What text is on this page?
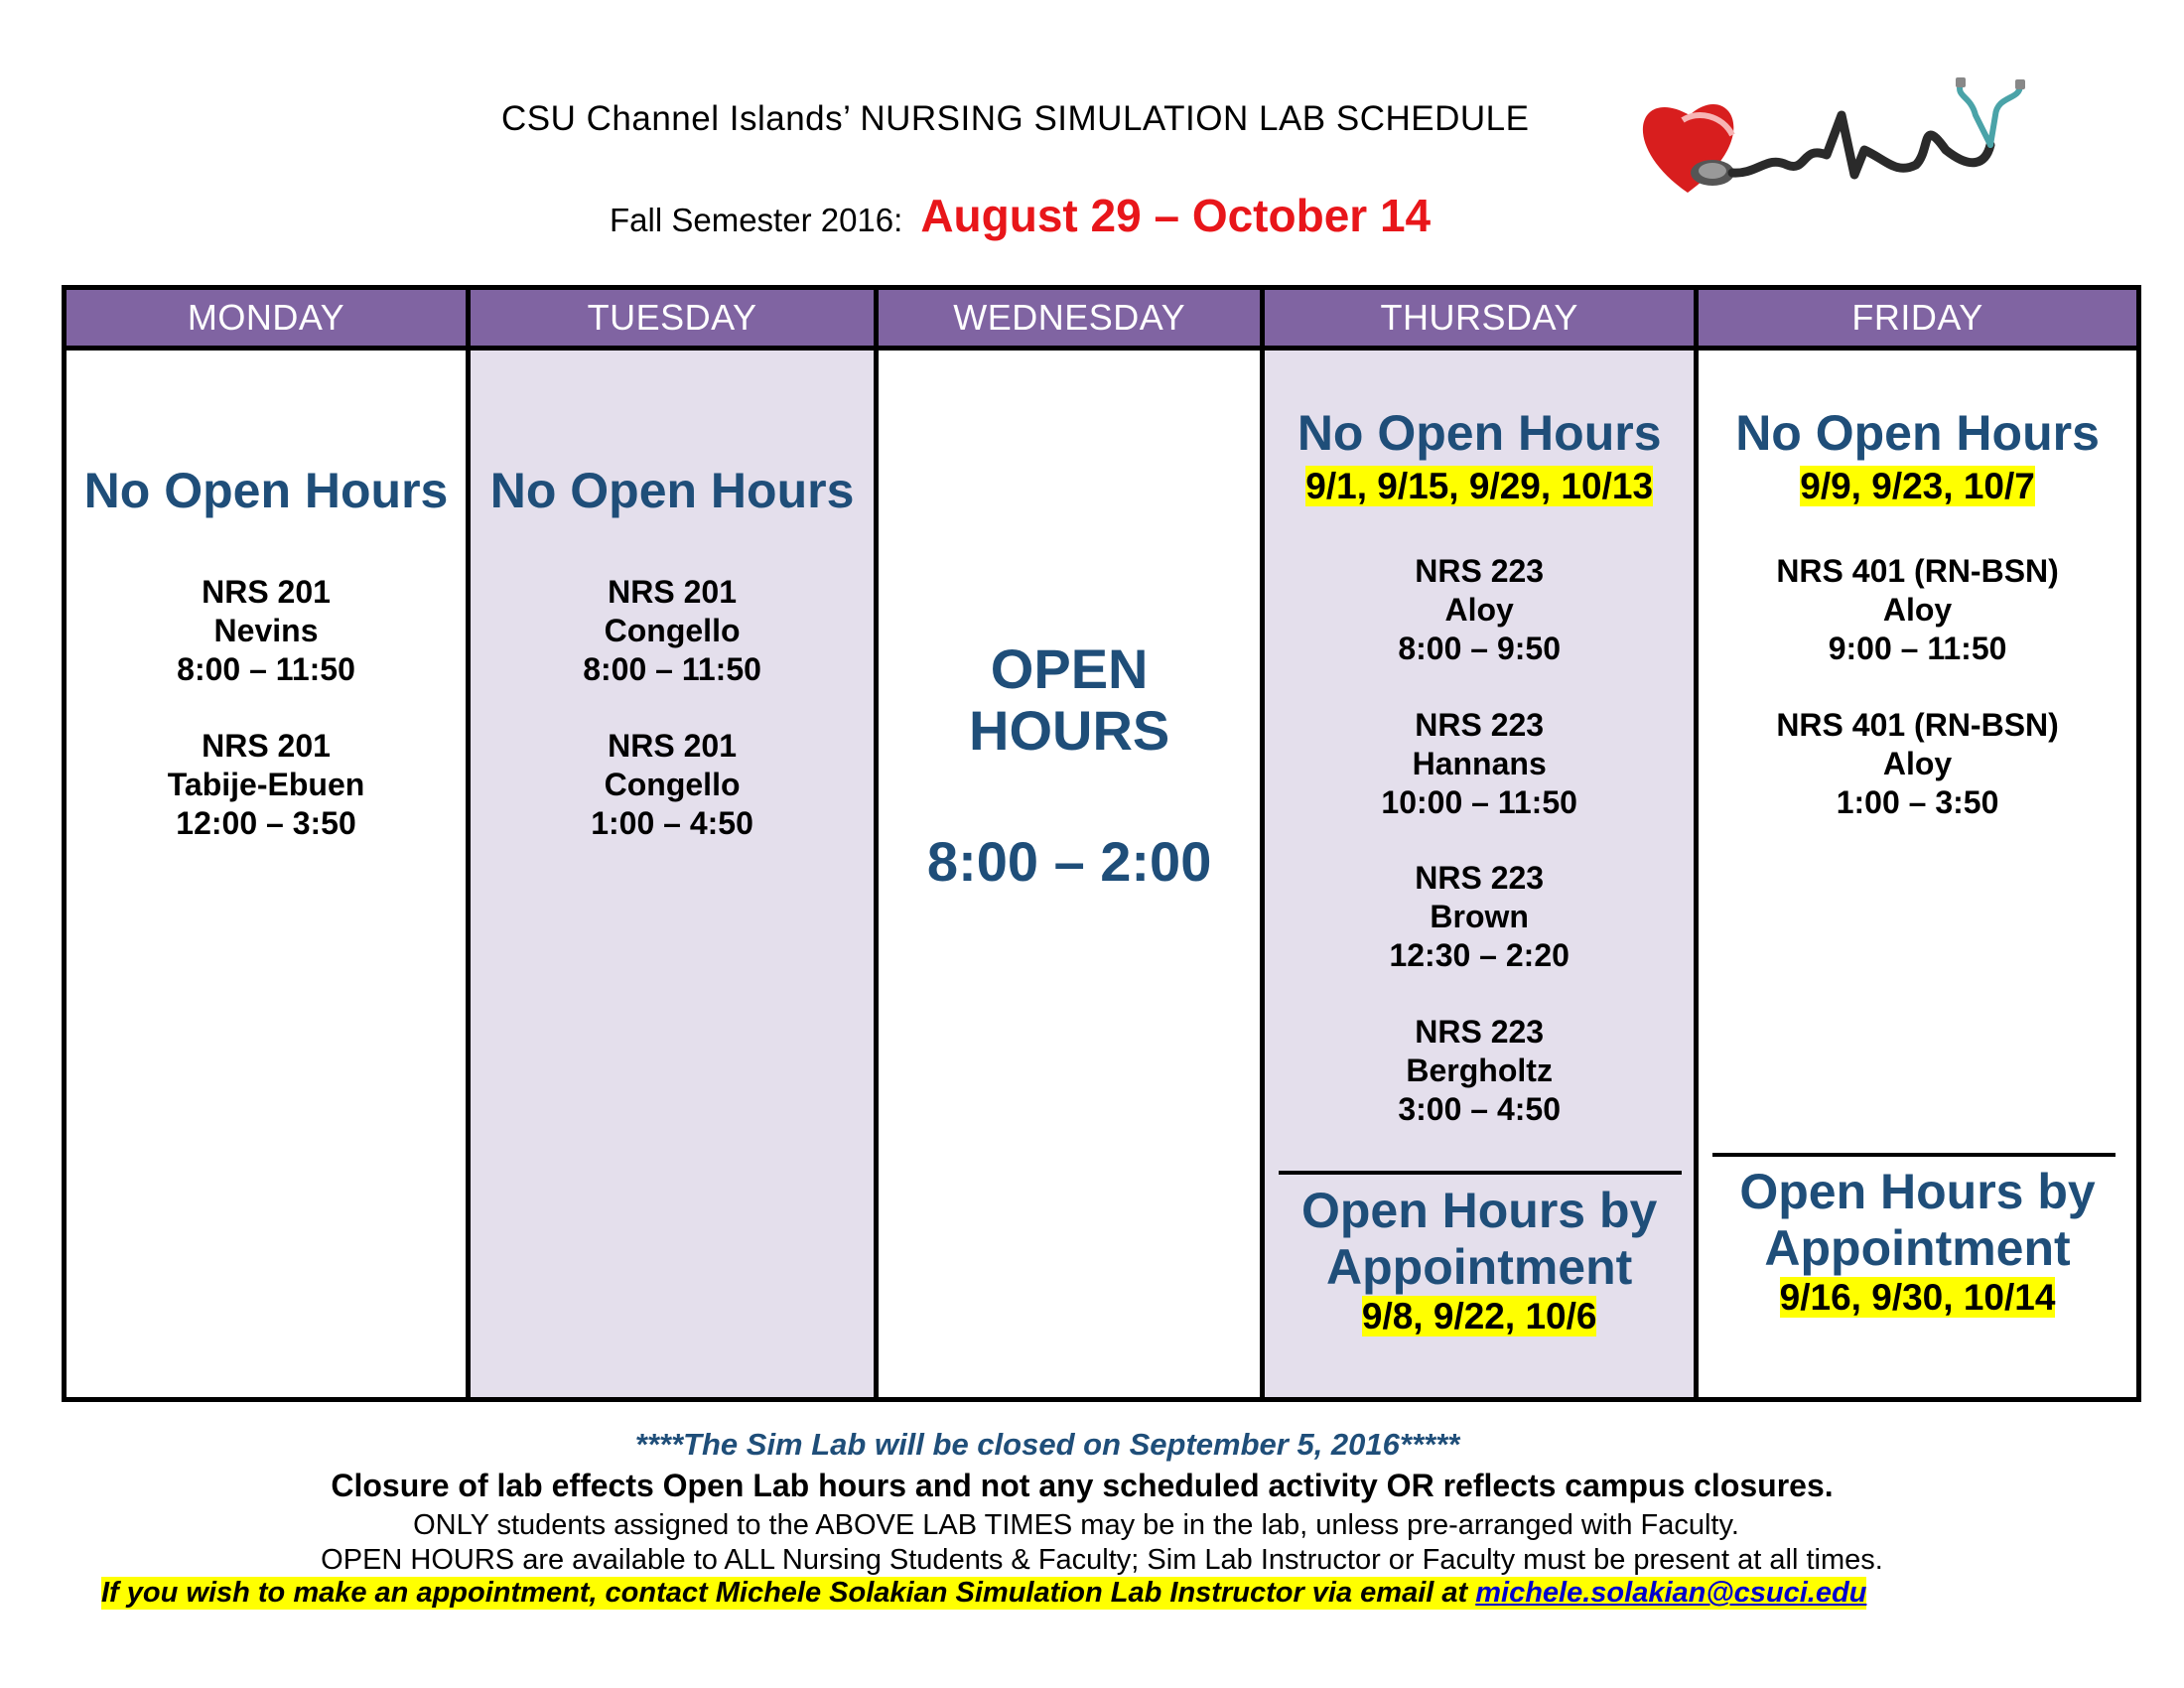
CSU Channel Islands’ NURSING SIMULATION LAB SCHEDULE
Fall Semester 2016: August 29 – October 14
MONDAY
No Open Hours
NRS 201
Nevins
8:00 – 11:50
NRS 201
Tabije-Ebuen
12:00 – 3:50
TUESDAY
No Open Hours
NRS 201
Congello
8:00 – 11:50
NRS 201
Congello
1:00 – 4:50
WEDNESDAY
OPEN
HOURS
8:00 – 2:00
THURSDAY
No Open Hours
9/1, 9/15, 9/29, 10/13
NRS 223
Aloy
8:00 – 9:50
NRS 223
Hannans
10:00 – 11:50
NRS 223
Brown
12:30 – 2:20
NRS 223
Bergholtz
3:00 – 4:50
Open Hours by
Appointment
9/8, 9/22, 10/6
FRIDAY
No Open Hours
9/9, 9/23, 10/7
NRS 401 (RN-BSN)
Aloy
9:00 – 11:50
NRS 401 (RN-BSN)
Aloy
1:00 – 3:50
Open Hours by
Appointment
9/16, 9/30, 10/14
****The Sim Lab will be closed on September 5, 2016*****
Closure of lab effects Open Lab hours and not any scheduled activity OR reflects campus closures.
ONLY students assigned to the ABOVE LAB TIMES may be in the lab, unless pre-arranged with Faculty.
OPEN HOURS are available to ALL Nursing Students & Faculty; Sim Lab Instructor or Faculty must be present at all times.
If you wish to make an appointment, contact Michele Solakian Simulation Lab Instructor via email at michele.solakian@csuci.edu
